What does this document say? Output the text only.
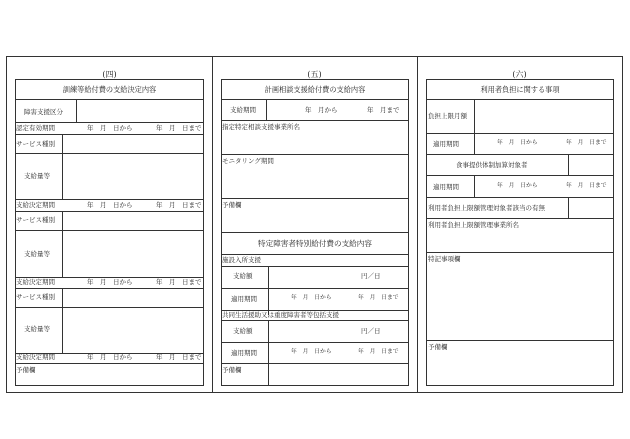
(四)
訓練等給付費の支給決定内容
障害支援区分
認定有効期間	年　月　日から	年　月　日まで
サービス種別
支給量等
支給決定期間	年　月　日から	年　月　日まで
サービス種別
支給量等
支給決定期間	年　月　日から	年　月　日まで
サービス種別
支給量等
支給決定期間	年　月　日から	年　月　日まで
予備欄
(五)
計画相談支援給付費の支給内容
支給期間	年　月から	年　月まで
指定特定相談支援事業所名
モニタリング期間
予備欄
特定障害者特別給付費の支給内容
施設入所支援
支給額	円／日
適用期間	年　月　日から	年　月　日まで
共同生活援助又は重度障害者等包括支援
支給額	円／日
適用期間	年　月　日から	年　月　日まで
予備欄
(六)
利用者負担に関する事項
負担上限月額
適用期間	年　月　日から	年　月　日まで
食事提供体制加算対象者
適用期間	年　月　日から	年　月　日まで
利用者負担上限額管理対象者該当の有無
利用者負担上限額管理事業所名
特記事項欄
予備欄
